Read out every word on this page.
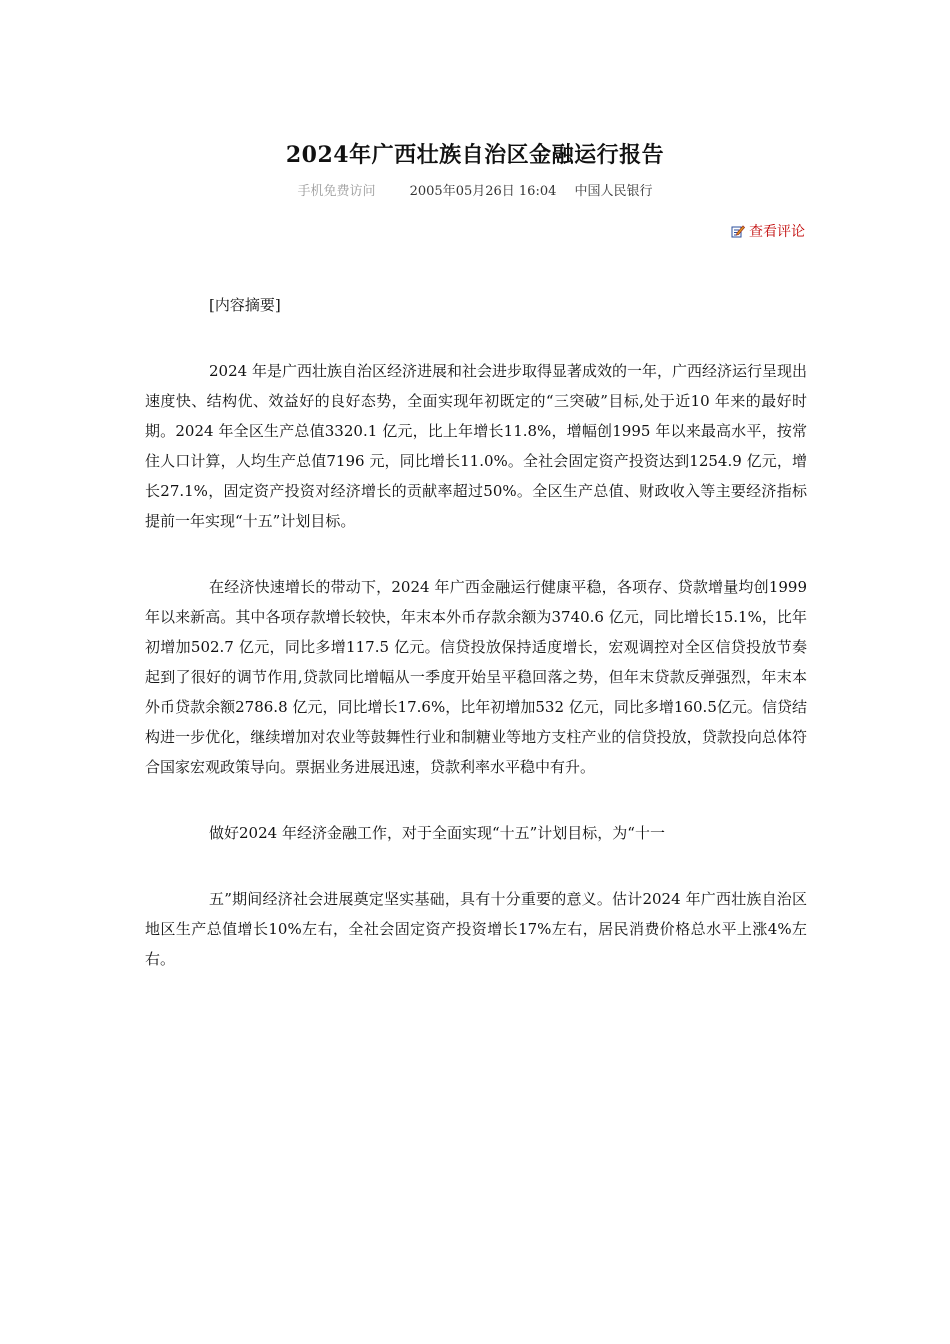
2024年广西壮族自治区金融运行报告
手机免费访问	2005年05月26日 16:04 中国人民银行
查看评论

[内容摘要]

2024 年是广西壮族自治区经济进展和社会进步取得显著成效的一年，广西经济运行呈现出速度快、结构优、效益好的良好态势，全面实现年初既定的“三突破”目标,处于近10 年来的最好时期。2024 年全区生产总值3320.1 亿元，比上年增长11.8%，增幅创1995 年以来最高水平，按常住人口计算，人均生产总值7196 元，同比增长11.0%。全社会固定资产投资达到1254.9 亿元，增长27.1%，固定资产投资对经济增长的贡献率超过50%。全区生产总值、财政收入等主要经济指标提前一年实现“十五”计划目标。

在经济快速增长的带动下，2024 年广西金融运行健康平稳，各项存、贷款增量均创1999 年以来新高。其中各项存款增长较快，年末本外币存款余额为3740.6 亿元，同比增长15.1%，比年初增加502.7 亿元，同比多增117.5 亿元。信贷投放保持适度增长，宏观调控对全区信贷投放节奏起到了很好的调节作用,贷款同比增幅从一季度开始呈平稳回落之势，但年末贷款反弹强烈，年末本外币贷款余额2786.8 亿元，同比增长17.6%，比年初增加532 亿元，同比多增160.5亿元。信贷结构进一步优化，继续增加对农业等鼓舞性行业和制糖业等地方支柱产业的信贷投放，贷款投向总体符合国家宏观政策导向。票据业务进展迅速，贷款利率水平稳中有升。

做好2024 年经济金融工作，对于全面实现“十五”计划目标，为“十一

五”期间经济社会进展奠定坚实基础，具有十分重要的意义。估计2024 年广西壮族自治区地区生产总值增长10%左右，全社会固定资产投资增长17%左右，居民消费价格总水平上涨4%左右。
